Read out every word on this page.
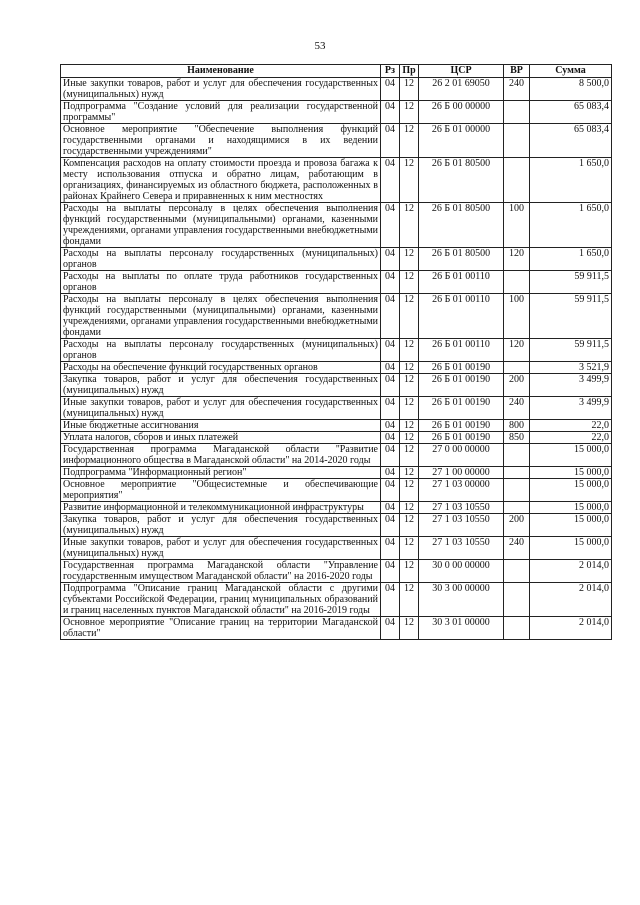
53
Наименование	Рз	Пр	ЦСР	ВР	Сумма
Иные закупки товаров, работ и услуг для обеспечения государственных (муниципальных) нужд	04	12	26 2 01 69050	240	8 500,0
Подпрограмма "Создание условий для реализации государственной программы"	04	12	26 Б 00 00000		65 083,4
Основное мероприятие "Обеспечение выполнения функций государственными органами и находящимися в их ведении государственными учреждениями"	04	12	26 Б 01 00000		65 083,4
Компенсация расходов на оплату стоимости проезда и провоза багажа к месту использования отпуска и обратно лицам, работающим в организациях, финансируемых из областного бюджета, расположенных в районах Крайнего Севера и приравненных к ним местностях	04	12	26 Б 01 80500		1 650,0
Расходы на выплаты персоналу в целях обеспечения выполнения функций государственными (муниципальными) органами, казенными учреждениями, органами управления государственными внебюджетными фондами	04	12	26 Б 01 80500	100	1 650,0
Расходы на выплаты персоналу государственных (муниципальных) органов	04	12	26 Б 01 80500	120	1 650,0
Расходы на выплаты по оплате труда работников государственных органов	04	12	26 Б 01 00110		59 911,5
Расходы на выплаты персоналу в целях обеспечения выполнения функций государственными (муниципальными) органами, казенными учреждениями, органами управления государственными внебюджетными фондами	04	12	26 Б 01 00110	100	59 911,5
Расходы на выплаты персоналу государственных (муниципальных) органов	04	12	26 Б 01 00110	120	59 911,5
Расходы на обеспечение функций государственных органов	04	12	26 Б 01 00190		3 521,9
Закупка товаров, работ и услуг для обеспечения государственных (муниципальных) нужд	04	12	26 Б 01 00190	200	3 499,9
Иные закупки товаров, работ и услуг для обеспечения государственных (муниципальных) нужд	04	12	26 Б 01 00190	240	3 499,9
Иные бюджетные ассигнования	04	12	26 Б 01 00190	800	22,0
Уплата налогов, сборов и иных платежей	04	12	26 Б 01 00190	850	22,0
Государственная программа Магаданской области "Развитие информационного общества в Магаданской области" на 2014-2020 годы	04	12	27 0 00 00000		15 000,0
Подпрограмма "Информационный регион"	04	12	27 1 00 00000		15 000,0
Основное мероприятие "Общесистемные и обеспечивающие мероприятия"	04	12	27 1 03 00000		15 000,0
Развитие информационной и телекоммуникационной инфраструктуры	04	12	27 1 03 10550		15 000,0
Закупка товаров, работ и услуг для обеспечения государственных (муниципальных) нужд	04	12	27 1 03 10550	200	15 000,0
Иные закупки товаров, работ и услуг для обеспечения государственных (муниципальных) нужд	04	12	27 1 03 10550	240	15 000,0
Государственная программа Магаданской области "Управление государственным имуществом Магаданской области" на 2016-2020 годы	04	12	30 0 00 00000		2 014,0
Подпрограмма "Описание границ Магаданской области с другими субъектами Российской Федерации, границ муниципальных образований и границ населенных пунктов Магаданской области" на 2016-2019 годы	04	12	30 3 00 00000		2 014,0
Основное мероприятие "Описание границ на территории Магаданской области"	04	12	30 3 01 00000		2 014,0
